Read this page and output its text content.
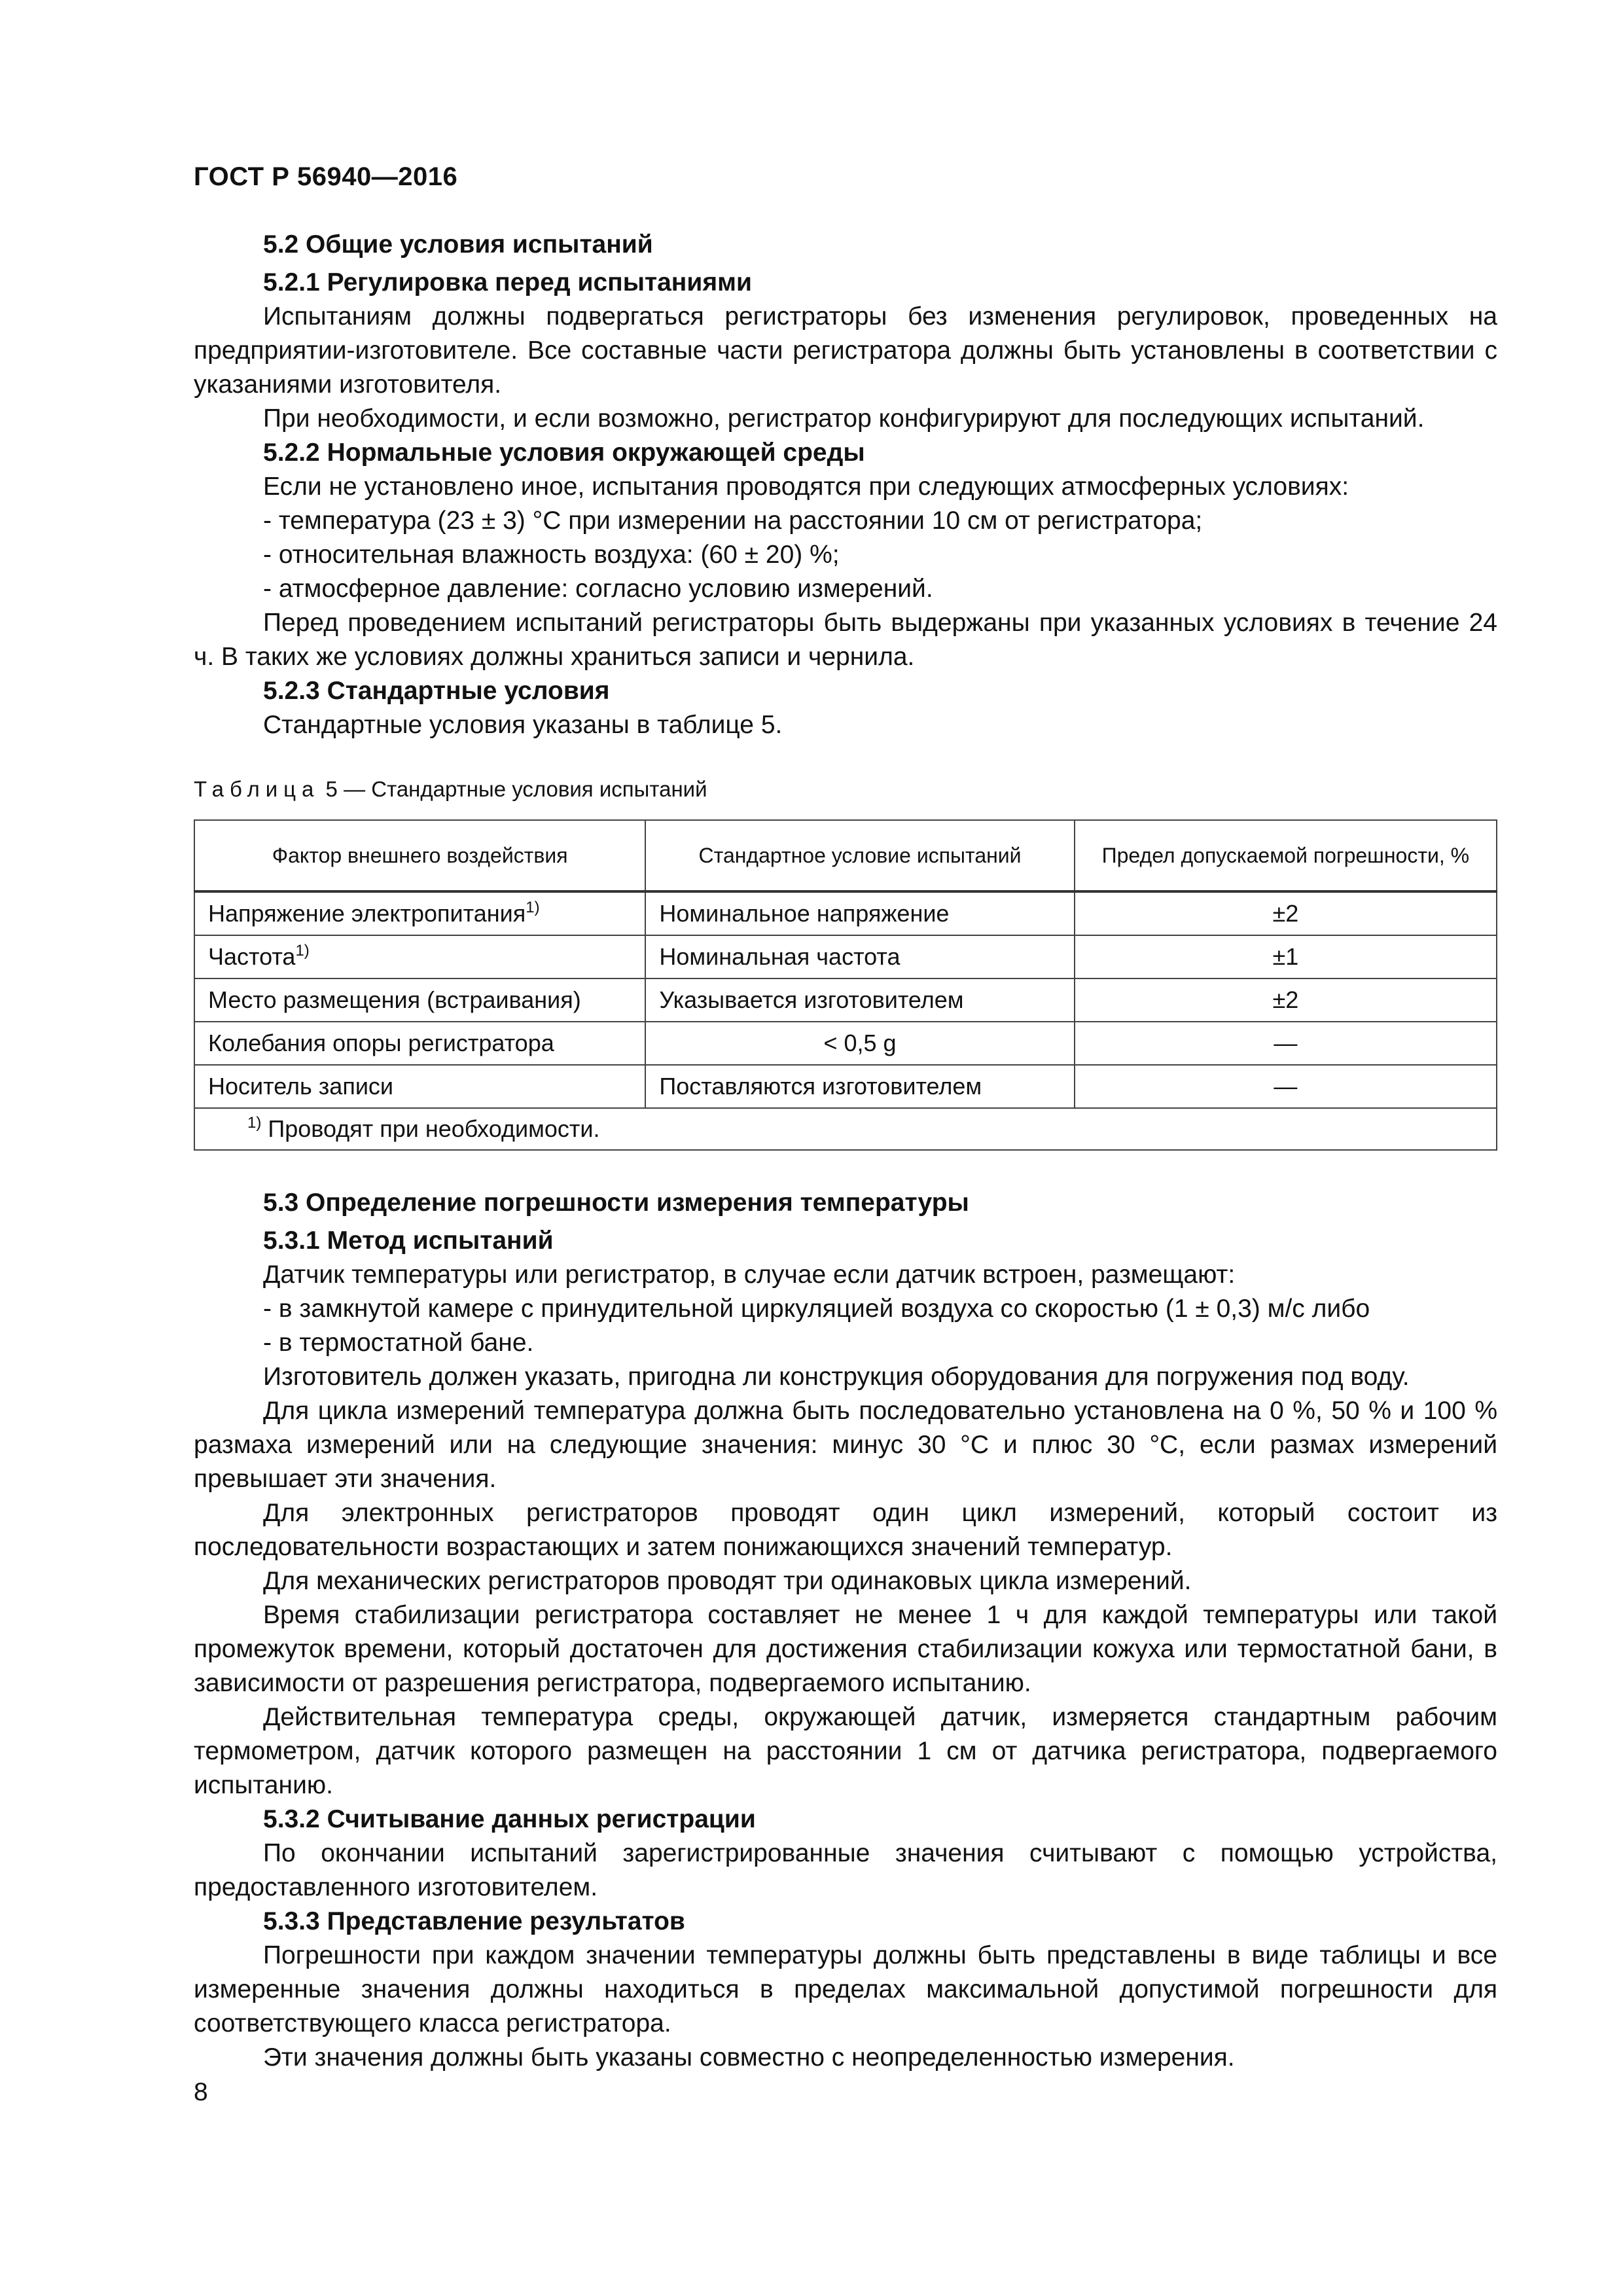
ГОСТ Р 56940—2016
5.2 Общие условия испытаний
5.2.1 Регулировка перед испытаниями

Испытаниям должны подвергаться регистраторы без изменения регулировок, проведенных на предприятии-изготовителе. Все составные части регистратора должны быть установлены в соответствии с указаниями изготовителя.

При необходимости, и если возможно, регистратор конфигурируют для последующих испытаний.

5.2.2 Нормальные условия окружающей среды

Если не установлено иное, испытания проводятся при следующих атмосферных условиях:

- температура (23 ± 3) °С при измерении на расстоянии 10 см от регистратора;

- относительная влажность воздуха: (60 ± 20) %;

- атмосферное давление: согласно условию измерений.

Перед проведением испытаний регистраторы быть выдержаны при указанных условиях в течение 24 ч. В таких же условиях должны храниться записи и чернила.

5.2.3 Стандартные условия

Стандартные условия указаны в таблице 5.

Таблица 5 — Стандартные условия испытаний
Фактор внешнего воздействия	Стандартное условие испытаний	Предел допускаемой погрешности, %
Напряжение электропитания$^{1)}$	Номинальное напряжение	±2
Частота$^{1)}$	Номинальная частота	±1
Место размещения (встраивания)	Указывается изготовителем	±2
Колебания опоры регистратора	< 0,5 g	—
Носитель записи	Поставляются изготовителем	—
$^{1)}$ Проводят при необходимости.		
5.3 Определение погрешности измерения температуры
5.3.1 Метод испытаний

Датчик температуры или регистратор, в случае если датчик встроен, размещают:

- в замкнутой камере с принудительной циркуляцией воздуха со скоростью (1 ± 0,3) м/с либо

- в термостатной бане.

Изготовитель должен указать, пригодна ли конструкция оборудования для погружения под воду.

Для цикла измерений температура должна быть последовательно установлена на 0 %, 50 % и 100 % размаха измерений или на следующие значения: минус 30 °С и плюс 30 °С, если размах измерений превышает эти значения.

Для электронных регистраторов проводят один цикл измерений, который состоит из последовательности возрастающих и затем понижающихся значений температур.

Для механических регистраторов проводят три одинаковых цикла измерений.

Время стабилизации регистратора составляет не менее 1 ч для каждой температуры или такой промежуток времени, который достаточен для достижения стабилизации кожуха или термостатной бани, в зависимости от разрешения регистратора, подвергаемого испытанию.

Действительная температура среды, окружающей датчик, измеряется стандартным рабочим термометром, датчик которого размещен на расстоянии 1 см от датчика регистратора, подвергаемого испытанию.

5.3.2 Считывание данных регистрации

По окончании испытаний зарегистрированные значения считывают с помощью устройства, предоставленного изготовителем.

5.3.3 Представление результатов

Погрешности при каждом значении температуры должны быть представлены в виде таблицы и все измеренные значения должны находиться в пределах максимальной допустимой погрешности для соответствующего класса регистратора.

Эти значения должны быть указаны совместно с неопределенностью измерения.

8
